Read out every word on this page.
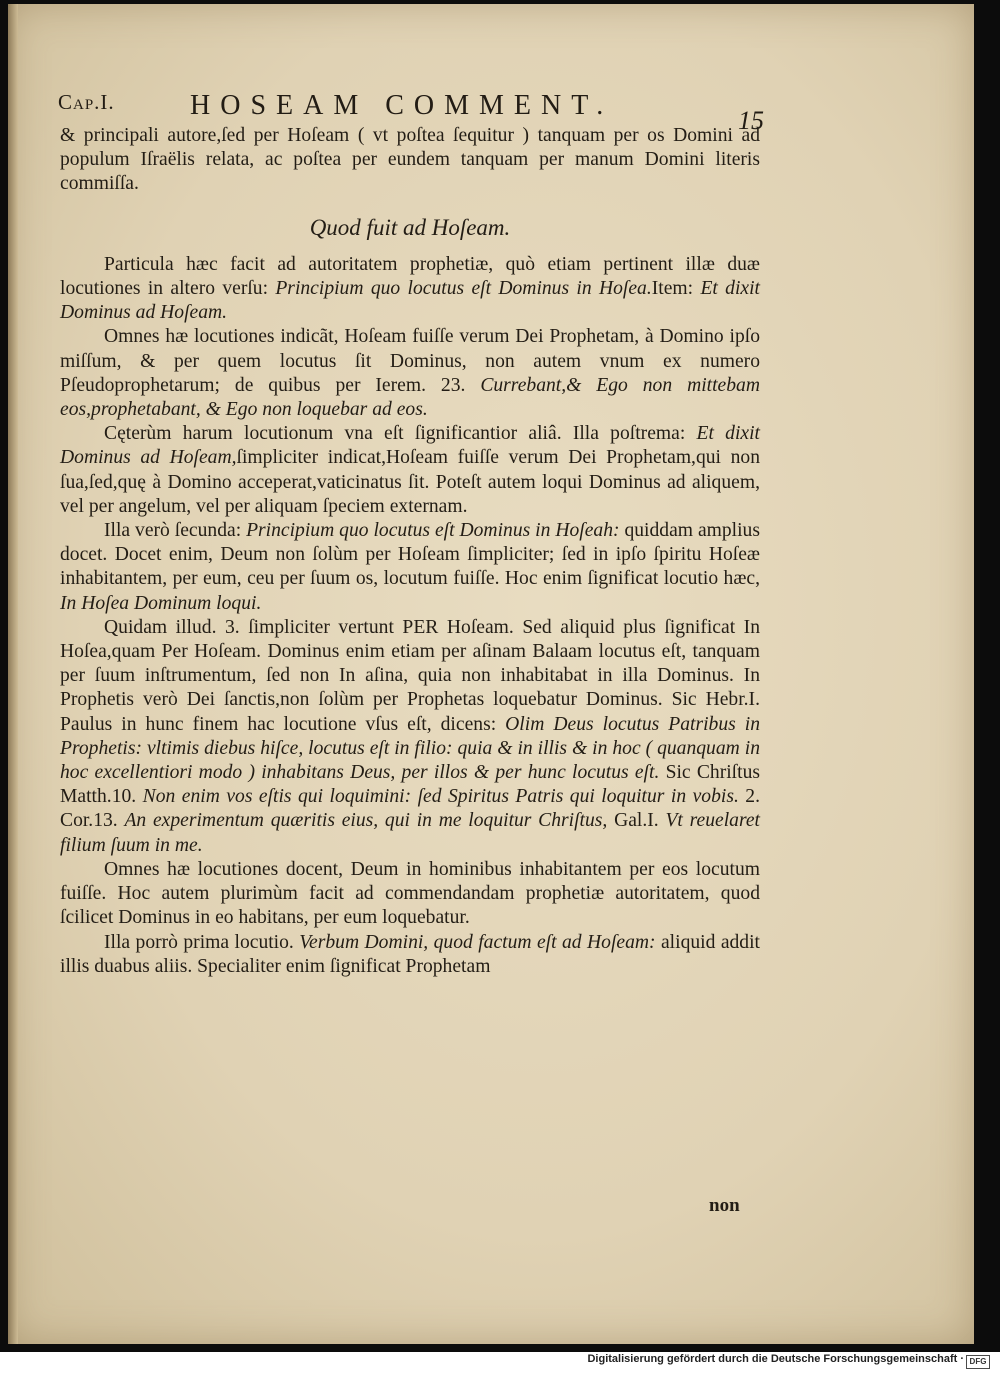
Cap.I.	HOSEAM COMMENT.	15

& principali autore,ſed per Hoſeam ( vt poſtea ſequitur ) tanquam per os Domini ad populum Iſraëlis relata, ac poſtea per eundem tanquam per manum Domini literis commiſſa.

Quod fuit ad Hoſeam.

Particula hæc facit ad autoritatem prophetiæ, quò etiam pertinent illæ duæ locutiones in altero verſu: Principium quo locutus eſt Dominus in Hoſea.Item: Et dixit Dominus ad Hoſeam.

Omnes hæ locutiones indicãt, Hoſeam fuiſſe verum Dei Prophetam, à Domino ipſo miſſum, & per quem locutus ſit Dominus, non autem vnum ex numero Pſeudoprophetarum; de quibus per Ierem. 23. Currebant,& Ego non mittebam eos,prophetabant, & Ego non loquebar ad eos.

Cęterùm harum locutionum vna eſt ſignificantior aliâ. Illa poſtrema: Et dixit Dominus ad Hoſeam,ſimpliciter indicat,Hoſeam fuiſſe verum Dei Prophetam,qui non ſua,ſed,quę à Domino acceperat,vaticinatus ſit. Poteſt autem loqui Dominus ad aliquem, vel per angelum, vel per aliquam ſpeciem externam.

Illa verò ſecunda: Principium quo locutus eſt Dominus in Hoſeah: quiddam amplius docet. Docet enim, Deum non ſolùm per Hoſeam ſimpliciter; ſed in ipſo ſpiritu Hoſeæ inhabitantem, per eum, ceu per ſuum os, locutum fuiſſe. Hoc enim ſignificat locutio hæc, In Hoſea Dominum loqui.

Quidam illud. 3. ſimpliciter vertunt PER Hoſeam. Sed aliquid plus ſignificat In Hoſea,quam Per Hoſeam. Dominus enim etiam per aſinam Balaam locutus eſt, tanquam per ſuum inſtrumentum, ſed non In aſina, quia non inhabitabat in illa Dominus. In Prophetis verò Dei ſanctis,non ſolùm per Prophetas loquebatur Dominus. Sic Hebr.I. Paulus in hunc finem hac locutione vſus eſt, dicens: Olim Deus locutus Patribus in Prophetis: vltimis diebus hiſce, locutus eſt in filio: quia & in illis & in hoc ( quanquam in hoc excellentiori modo ) inhabitans Deus, per illos & per hunc locutus eſt. Sic Chriſtus Matth.10. Non enim vos eſtis qui loquimini: ſed Spiritus Patris qui loquitur in vobis. 2. Cor.13. An experimentum quæritis eius, qui in me loquitur Chriſtus, Gal.I. Vt reuelaret filium ſuum in me.

Omnes hæ locutiones docent, Deum in hominibus inhabitantem per eos locutum fuiſſe. Hoc autem plurimùm facit ad commendandam prophetiæ autoritatem, quod ſcilicet Dominus in eo habitans, per eum loquebatur.

Illa porrò prima locutio. Verbum Domini, quod factum eſt ad Hoſeam: aliquid addit illis duabus aliis. Specialiter enim ſignificat Prophetam

non
Digitalisierung gefördert durch die Deutsche Forschungsgemeinschaft · DFG
